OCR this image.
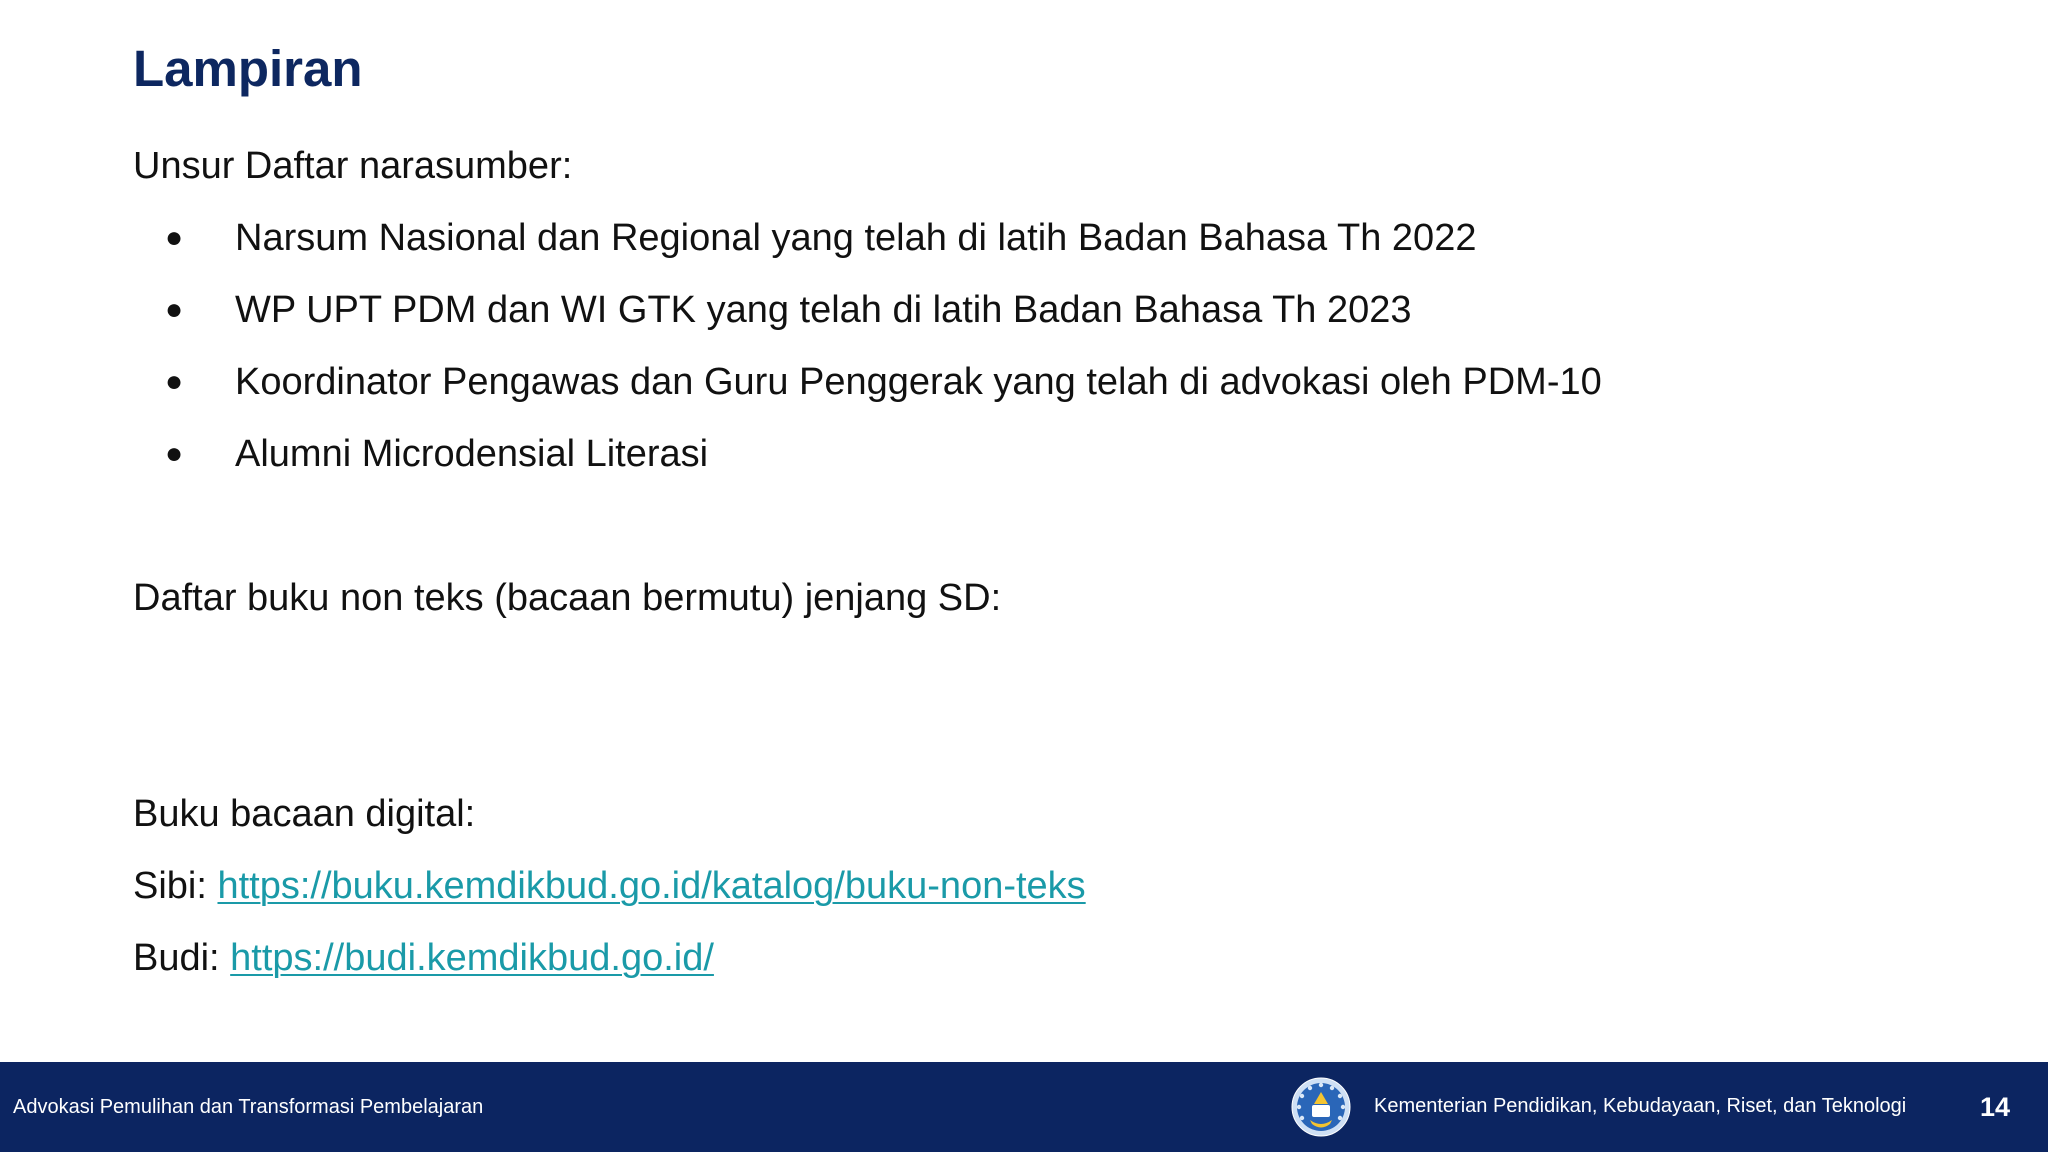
Lampiran
Unsur Daftar narasumber:
● Narsum Nasional dan Regional yang telah di latih Badan Bahasa Th 2022
● WP UPT PDM dan WI GTK yang telah di latih Badan Bahasa Th 2023
● Koordinator Pengawas dan Guru Penggerak yang telah di advokasi oleh PDM-10
● Alumni Microdensial Literasi
Daftar buku non teks (bacaan bermutu) jenjang SD:
Buku bacaan digital:
Sibi: https://buku.kemdikbud.go.id/katalog/buku-non-teks
Budi: https://budi.kemdikbud.go.id/
Advokasi Pemulihan dan Transformasi Pembelajaran	Kementerian Pendidikan, Kebudayaan, Riset, dan Teknologi	14
